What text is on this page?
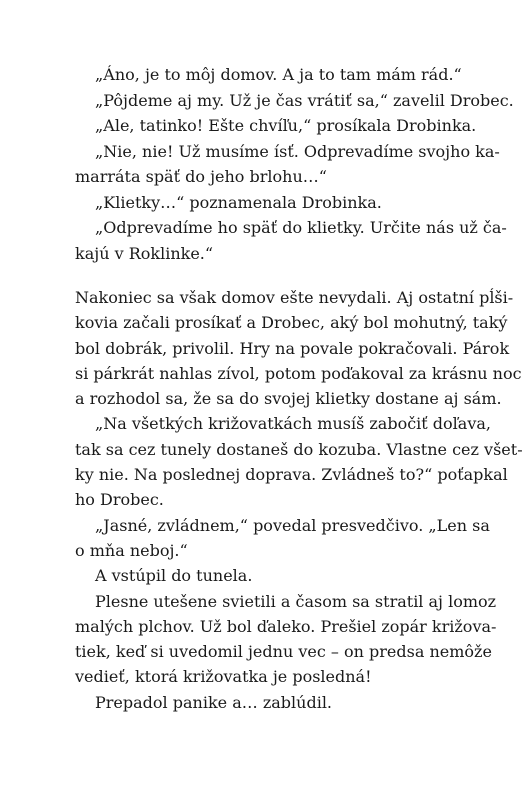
„Áno, je to môj domov. A ja to tam mám rád.“
„Pôjdeme aj my. Už je čas vrátiť sa,“ zavelil Drobec.
„Ale, tatinko! Ešte chvíľu,“ prosíkala Drobinka.
„Nie, nie! Už musíme ísť. Odprevadíme svojho ka-
marráta späť do jeho brlohu…“
„Klietky…“ poznamenala Drobinka.
„Odprevadíme ho späť do klietky. Určite nás už ča-
kajú v Roklinke.“
Nakoniec sa však domov ešte nevydali. Aj ostatní pĺši-
kovia začali prosíkať a Drobec, aký bol mohutný, taký
bol dobrák, privolil. Hry na povale pokračovali. Párok
si párkrát nahlas zívol, potom poďakoval za krásnu noc
a rozhodol sa, že sa do svojej klietky dostane aj sám.
„Na všetkých križovatkách musíš zabočiť doľava,
tak sa cez tunely dostaneš do kozuba. Vlastne cez všet-
ky nie. Na poslednej doprava. Zvládneš to?“ poťapkal
ho Drobec.
„Jasné, zvládnem,“ povedal presvedčivo. „Len sa
o mňa neboj.“
A vstúpil do tunela.
Plesne utešene svietili a časom sa stratil aj lomoz
malých plchov. Už bol ďaleko. Prešiel zopár križova-
tiek, keď si uvedomil jednu vec – on predsa nemôže
vedieť, ktorá križovatka je posledná!
Prepadol panike a… zablúdil.
